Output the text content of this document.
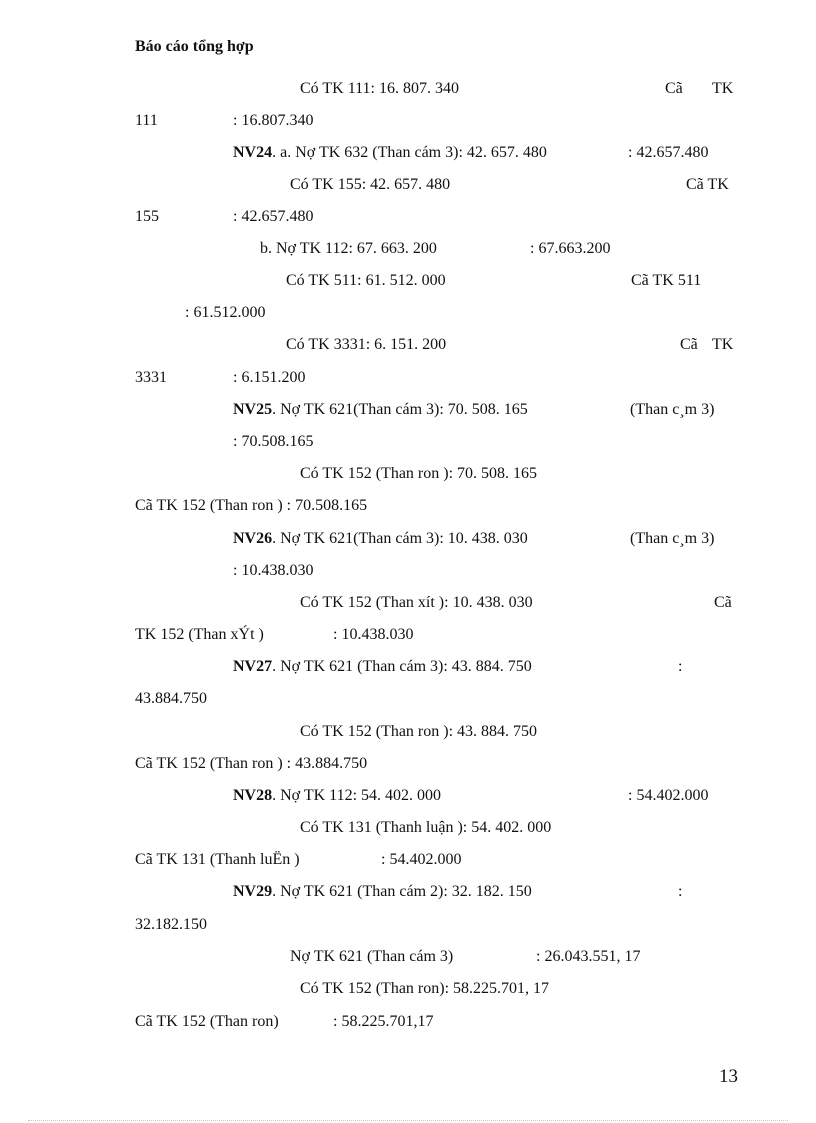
Báo cáo tổng hợp
Có TK 111: 16. 807. 340	Cã TK
111	: 16.807.340
NV24. a. Nợ TK 632 (Than cám 3): 42. 657. 480	: 42.657.480
Có TK 155: 42. 657. 480	Cã TK
155	: 42.657.480
b. Nợ TK 112: 67. 663. 200	: 67.663.200
Có TK 511: 61. 512. 000	Cã TK 511
: 61.512.000
Có TK 3331: 6. 151. 200	Cã TK
3331	: 6.151.200
NV25. Nợ TK 621(Than cám 3): 70. 508. 165	(Than c¸m 3)
: 70.508.165
Có TK 152 (Than ron ): 70. 508. 165
Cã TK 152 (Than ron ) : 70.508.165
NV26. Nợ TK 621(Than cám 3): 10. 438. 030	(Than c¸m 3)
: 10.438.030
Có TK 152 (Than xít ): 10. 438. 030	Cã
TK 152 (Than xÝt )	: 10.438.030
NV27. Nợ TK 621 (Than cám 3): 43. 884. 750	:
43.884.750
Có TK 152 (Than ron ): 43. 884. 750
Cã TK 152 (Than ron ) : 43.884.750
NV28. Nợ TK 112: 54. 402. 000	: 54.402.000
Có TK 131 (Thanh luận ): 54. 402. 000
Cã TK 131 (Thanh luËn )	: 54.402.000
NV29. Nợ TK 621 (Than cám 2): 32. 182. 150	:
32.182.150
Nợ TK 621 (Than cám 3)	: 26.043.551, 17
Có TK 152 (Than ron): 58.225.701, 17
Cã TK 152 (Than ron)	: 58.225.701,17
13
